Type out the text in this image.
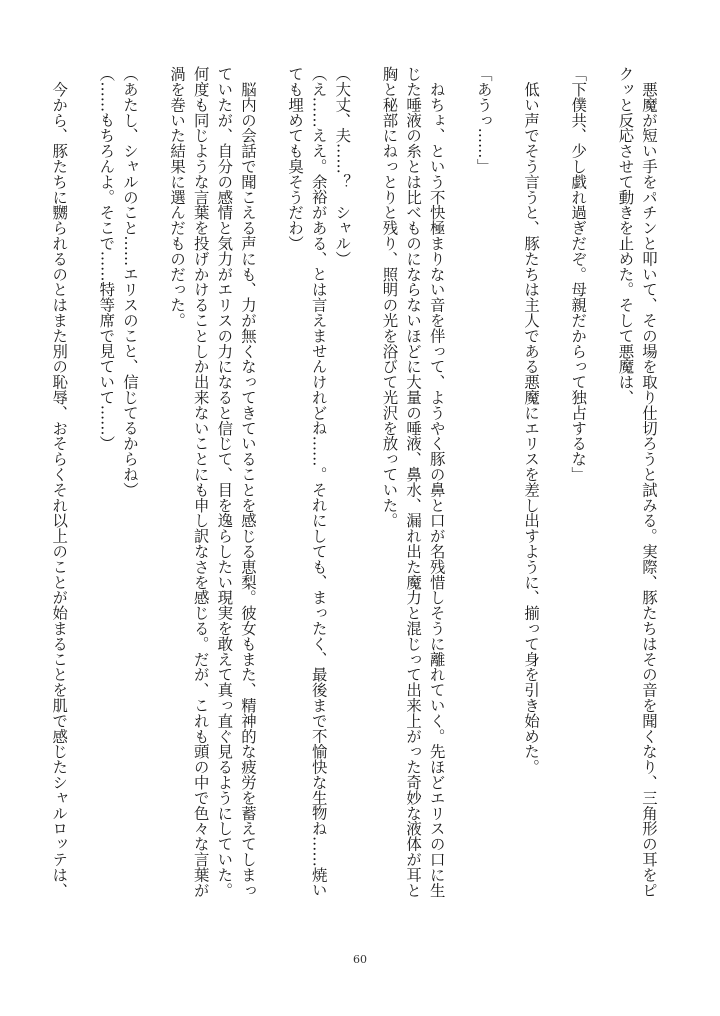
　悪魔が短い手をパチンと叩いて、その場を取り仕切ろうと試みる。実際、豚たちはその音を聞くなり、三角形の耳をピ
クッと反応させて動きを止めた。そして悪魔は、
「下僕共、少し戯れ過ぎだぞ。母親だからって独占するな」
　低い声でそう言うと、豚たちは主人である悪魔にエリスを差し出すように、揃って身を引き始めた。
「あうっ……」
　ねちょ、という不快極まりない音を伴って、ようやく豚の鼻と口が名残惜しそうに離れていく。先ほどエリスの口に生
じた唾液の糸とは比べものにならないほどに大量の唾液、鼻水、漏れ出た魔力と混じって出来上がった奇妙な液体が耳と
胸と秘部にねっとりと残り、照明の光を浴びて光沢を放っていた。
（大丈、夫……？　シャル）
（え……ええ。余裕がある、とは言えませんけれどね……。それにしても、まったく、最後まで不愉快な生物ね……焼い
ても埋めても臭そうだわ）
　脳内の会話で聞こえる声にも、力が無くなってきていることを感じる恵梨。彼女もまた、精神的な疲労を蓄えてしまっ
ていたが、自分の感情と気力がエリスの力になると信じて、目を逸らしたい現実を敢えて真っ直ぐ見るようにしていた。
何度も同じような言葉を投げかけることしか出来ないことにも申し訳なさを感じる。だが、これも頭の中で色々な言葉が
渦を巻いた結果に選んだものだった。
（あたし、シャルのこと……エリスのこと、信じてるからね）
（……もちろんよ。そこで……特等席で見ていて……）
　今から、豚たちに嬲られるのとはまた別の恥辱、おそらくそれ以上のことが始まることを肌で感じたシャルロッテは、
60
